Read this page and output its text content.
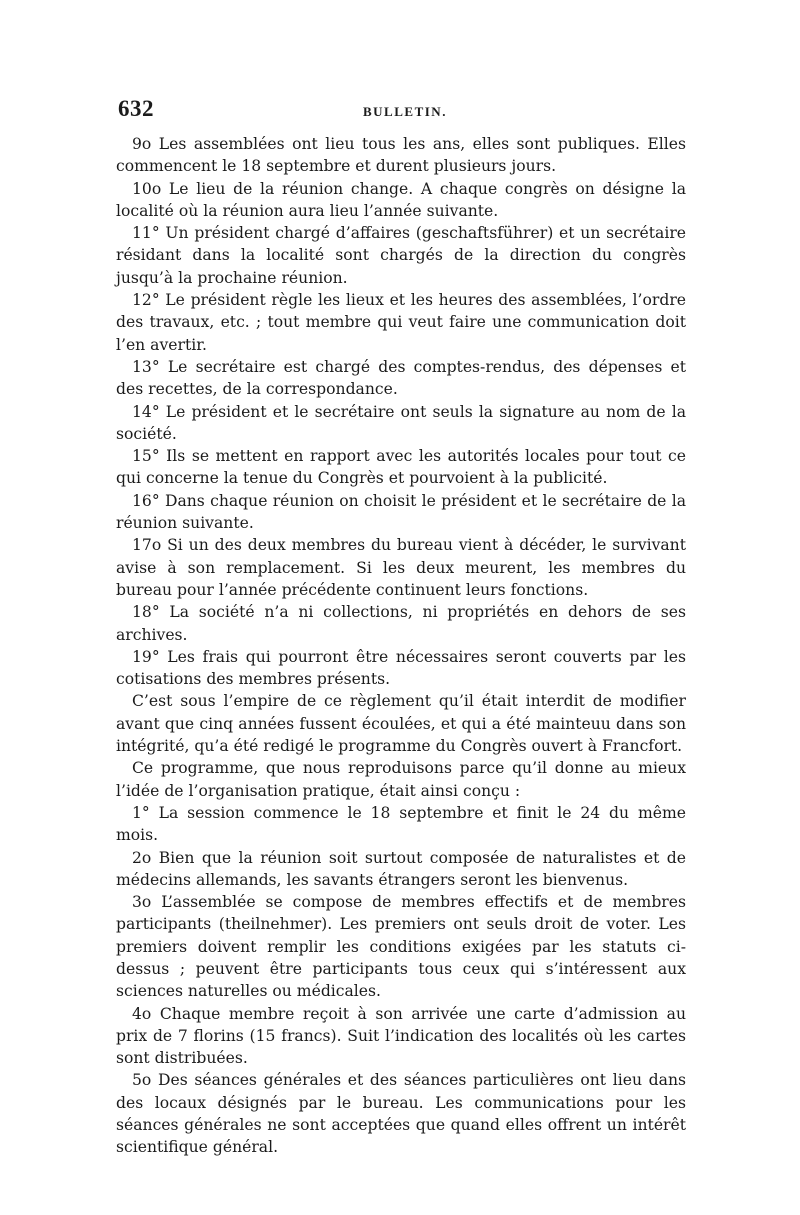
632	BULLETIN.

9o Les assemblées ont lieu tous les ans, elles sont publiques. Elles commencent le 18 septembre et durent plusieurs jours.

10o Le lieu de la réunion change. A chaque congrès on désigne la localité où la réunion aura lieu l’année suivante.

11° Un président chargé d’affaires (geschaftsführer) et un secrétaire résidant dans la localité sont chargés de la direction du congrès jusqu’à la prochaine réunion.

12° Le président règle les lieux et les heures des assemblées, l’ordre des travaux, etc. ; tout membre qui veut faire une communication doit l’en avertir.

13° Le secrétaire est chargé des comptes-rendus, des dépenses et des recettes, de la correspondance.

14° Le président et le secrétaire ont seuls la signature au nom de la société.

15° Ils se mettent en rapport avec les autorités locales pour tout ce qui concerne la tenue du Congrès et pourvoient à la publicité.

16° Dans chaque réunion on choisit le président et le secrétaire de la réunion suivante.

17o Si un des deux membres du bureau vient à décéder, le survivant avise à son remplacement. Si les deux meurent, les membres du bureau pour l’année précédente continuent leurs fonctions.

18° La société n’a ni collections, ni propriétés en dehors de ses archives.

19° Les frais qui pourront être nécessaires seront couverts par les cotisations des membres présents.

C’est sous l’empire de ce règlement qu’il était interdit de modifier avant que cinq années fussent écoulées, et qui a été mainteuu dans son intégrité, qu’a été redigé le programme du Congrès ouvert à Francfort.

Ce programme, que nous reproduisons parce qu’il donne au mieux l’idée de l’organisation pratique, était ainsi conçu :

1° La session commence le 18 septembre et finit le 24 du même mois.

2o Bien que la réunion soit surtout composée de naturalistes et de médecins allemands, les savants étrangers seront les bienvenus.

3o L’assemblée se compose de membres effectifs et de membres participants (theilnehmer). Les premiers ont seuls droit de voter. Les premiers doivent remplir les conditions exigées par les statuts ci-dessus ; peuvent être participants tous ceux qui s’intéressent aux sciences naturelles ou médicales.

4o Chaque membre reçoit à son arrivée une carte d’admission au prix de 7 florins (15 francs). Suit l’indication des localités où les cartes sont distribuées.

5o Des séances générales et des séances particulières ont lieu dans des locaux désignés par le bureau. Les communications pour les séances générales ne sont acceptées que quand elles offrent un intérêt scientifique général.
